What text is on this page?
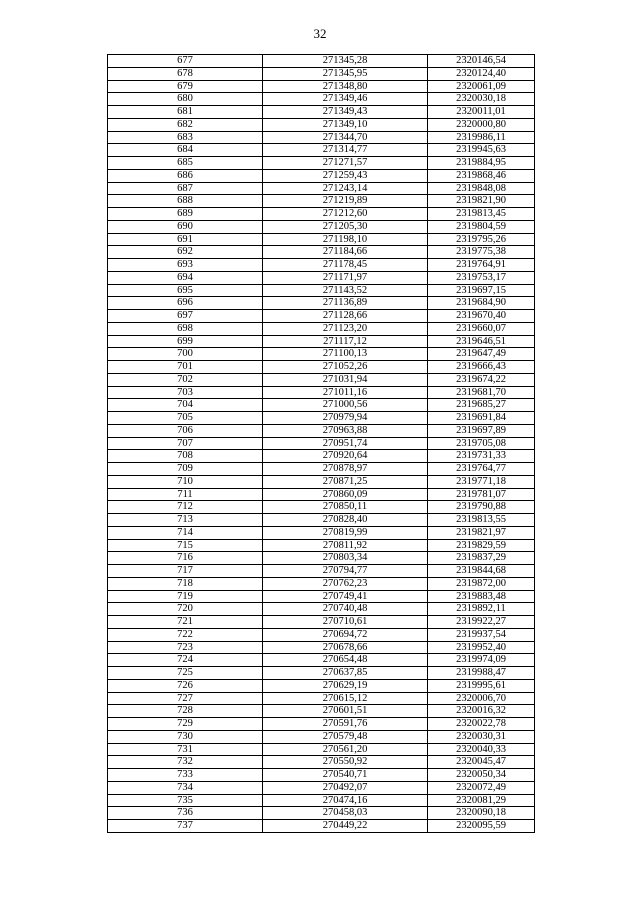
32
677	271345,28	2320146,54
678	271345,95	2320124,40
679	271348,80	2320061,09
680	271349,46	2320030,18
681	271349,43	2320011,01
682	271349,10	2320000,80
683	271344,70	2319986,11
684	271314,77	2319945,63
685	271271,57	2319884,95
686	271259,43	2319868,46
687	271243,14	2319848,08
688	271219,89	2319821,90
689	271212,60	2319813,45
690	271205,30	2319804,59
691	271198,10	2319795,26
692	271184,66	2319775,38
693	271178,45	2319764,91
694	271171,97	2319753,17
695	271143,52	2319697,15
696	271136,89	2319684,90
697	271128,66	2319670,40
698	271123,20	2319660,07
699	271117,12	2319646,51
700	271100,13	2319647,49
701	271052,26	2319666,43
702	271031,94	2319674,22
703	271011,16	2319681,70
704	271000,56	2319685,27
705	270979,94	2319691,84
706	270963,88	2319697,89
707	270951,74	2319705,08
708	270920,64	2319731,33
709	270878,97	2319764,77
710	270871,25	2319771,18
711	270860,09	2319781,07
712	270850,11	2319790,88
713	270828,40	2319813,55
714	270819,99	2319821,97
715	270811,92	2319829,59
716	270803,34	2319837,29
717	270794,77	2319844,68
718	270762,23	2319872,00
719	270749,41	2319883,48
720	270740,48	2319892,11
721	270710,61	2319922,27
722	270694,72	2319937,54
723	270678,66	2319952,40
724	270654,48	2319974,09
725	270637,85	2319988,47
726	270629,19	2319995,61
727	270615,12	2320006,70
728	270601,51	2320016,32
729	270591,76	2320022,78
730	270579,48	2320030,31
731	270561,20	2320040,33
732	270550,92	2320045,47
733	270540,71	2320050,34
734	270492,07	2320072,49
735	270474,16	2320081,29
736	270458,03	2320090,18
737	270449,22	2320095,59
